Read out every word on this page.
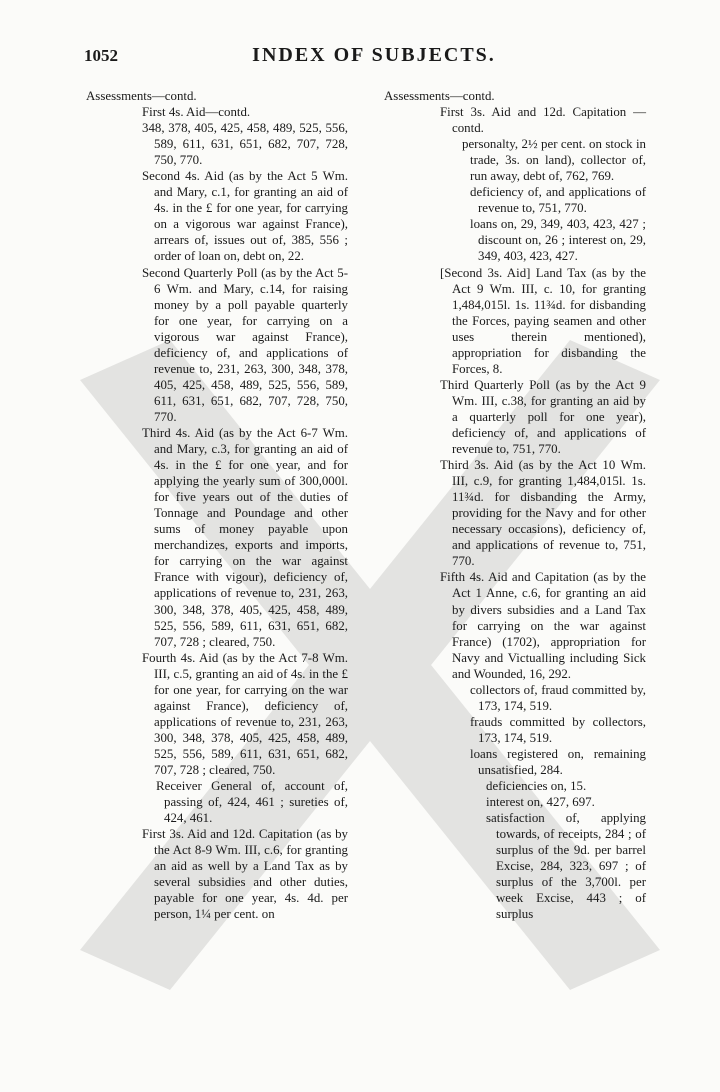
1052	INDEX OF SUBJECTS.

Assessments—contd.

First 4s. Aid—contd.

348, 378, 405, 425, 458, 489, 525, 556, 589, 611, 631, 651, 682, 707, 728, 750, 770.

Second 4s. Aid (as by the Act 5 Wm. and Mary, c.1, for granting an aid of 4s. in the £ for one year, for carrying on a vigorous war against France), arrears of, issues out of, 385, 556 ; order of loan on, debt on, 22.

Second Quarterly Poll (as by the Act 5-6 Wm. and Mary, c.14, for raising money by a poll payable quarterly for one year, for carrying on a vigorous war against France), deficiency of, and applications of revenue to, 231, 263, 300, 348, 378, 405, 425, 458, 489, 525, 556, 589, 611, 631, 651, 682, 707, 728, 750, 770.

Third 4s. Aid (as by the Act 6-7 Wm. and Mary, c.3, for granting an aid of 4s. in the £ for one year, and for applying the yearly sum of 300,000l. for five years out of the duties of Tonnage and Poundage and other sums of money payable upon merchandizes, exports and imports, for carrying on the war against France with vigour), deficiency of, applications of revenue to, 231, 263, 300, 348, 378, 405, 425, 458, 489, 525, 556, 589, 611, 631, 651, 682, 707, 728 ; cleared, 750.

Fourth 4s. Aid (as by the Act 7-8 Wm. III, c.5, granting an aid of 4s. in the £ for one year, for carrying on the war against France), deficiency of, applications of revenue to, 231, 263, 300, 348, 378, 405, 425, 458, 489, 525, 556, 589, 611, 631, 651, 682, 707, 728 ; cleared, 750.

Receiver General of, account of, passing of, 424, 461 ; sureties of, 424, 461.

First 3s. Aid and 12d. Capitation (as by the Act 8-9 Wm. III, c.6, for granting an aid as well by a Land Tax as by several subsidies and other duties, payable for one year, 4s. 4d. per person, 1¼ per cent. on

Assessments—contd.

First 3s. Aid and 12d. Capitation —contd.

personalty, 2½ per cent. on stock in trade, 3s. on land), collector of, run away, debt of, 762, 769.

deficiency of, and applications of revenue to, 751, 770.

loans on, 29, 349, 403, 423, 427 ; discount on, 26 ; interest on, 29, 349, 403, 423, 427.

[Second 3s. Aid] Land Tax (as by the Act 9 Wm. III, c. 10, for granting 1,484,015l. 1s. 11¾d. for disbanding the Forces, paying seamen and other uses therein mentioned), appropriation for disbanding the Forces, 8.

Third Quarterly Poll (as by the Act 9 Wm. III, c.38, for granting an aid by a quarterly poll for one year), deficiency of, and applications of revenue to, 751, 770.

Third 3s. Aid (as by the Act 10 Wm. III, c.9, for granting 1,484,015l. 1s. 11¾d. for disbanding the Army, providing for the Navy and for other necessary occasions), deficiency of, and applications of revenue to, 751, 770.

Fifth 4s. Aid and Capitation (as by the Act 1 Anne, c.6, for granting an aid by divers subsidies and a Land Tax for carrying on the war against France) (1702), appropriation for Navy and Victualling including Sick and Wounded, 16, 292.

collectors of, fraud committed by, 173, 174, 519.

frauds committed by collectors, 173, 174, 519.

loans registered on, remaining unsatisfied, 284.

deficiencies on, 15.

interest on, 427, 697.

satisfaction of, applying towards, of receipts, 284 ; of surplus of the 9d. per barrel Excise, 284, 323, 697 ; of surplus of the 3,700l. per week Excise, 443 ; of surplus
